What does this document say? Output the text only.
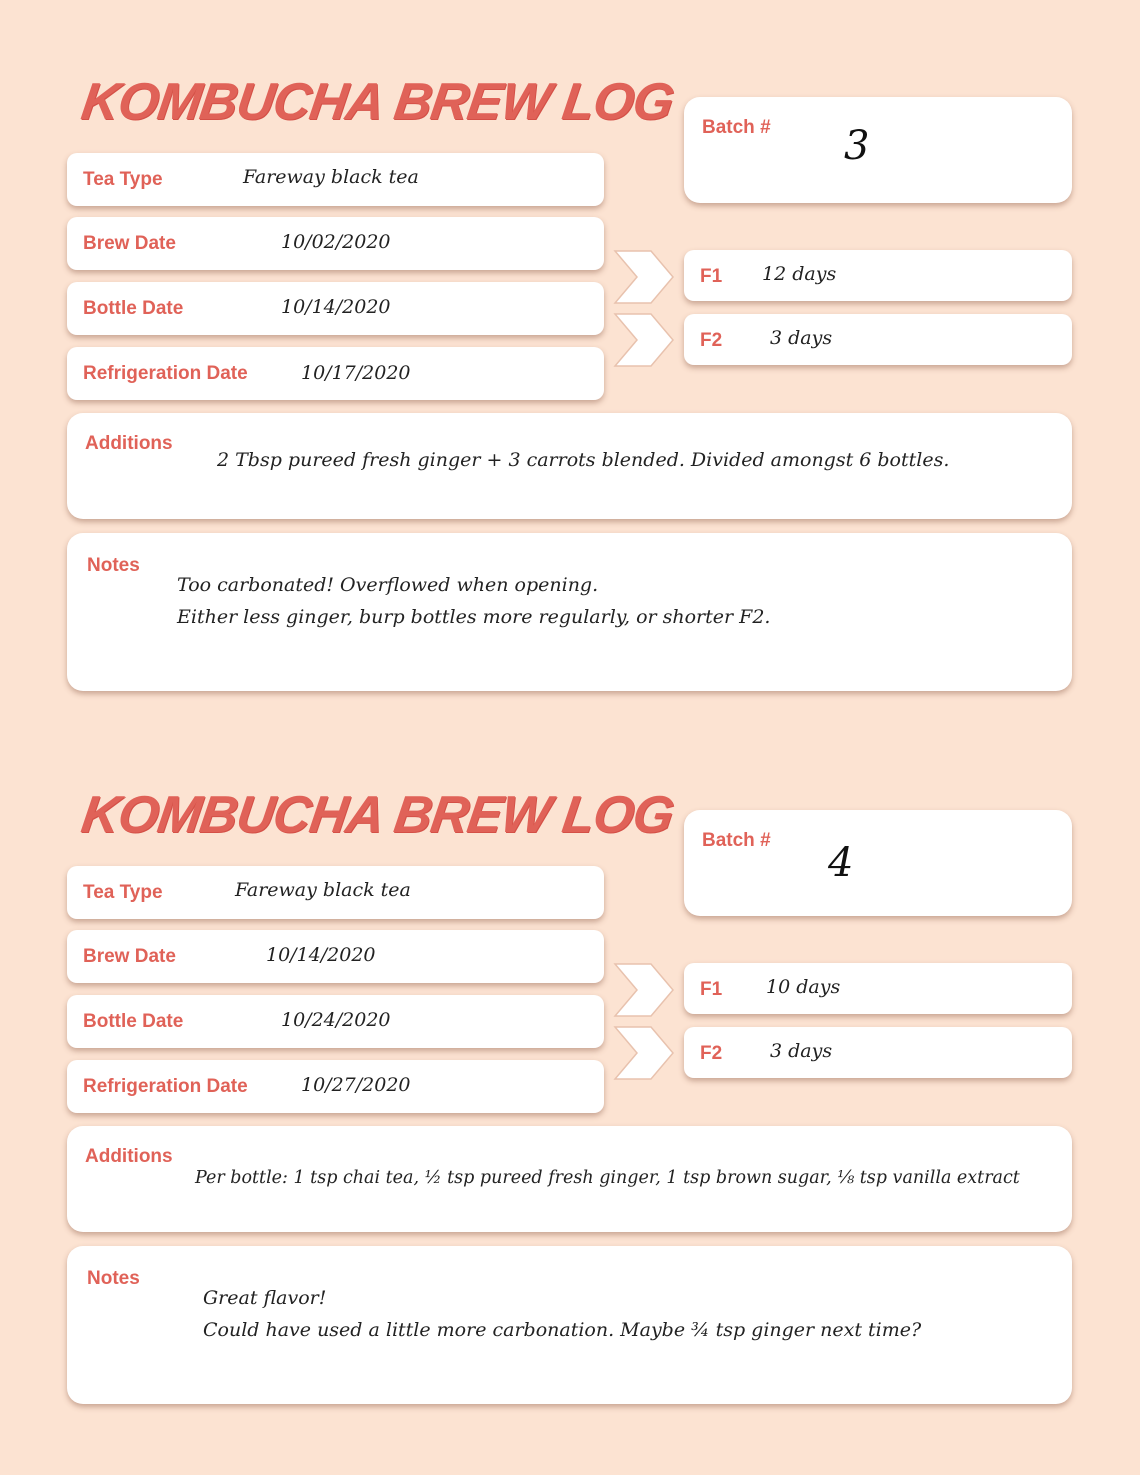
KOMBUCHA BREW LOG Batch # 3
Tea Type	Fareway black tea
Brew Date	10/02/2020
Bottle Date	10/14/2020
Refrigeration Date	10/17/2020
F1 12 days
F2	3 days
Additions
2 Tbsp pureed fresh ginger + 3 carrots blended. Divided amongst 6 bottles.
Notes
Too carbonated! Overflowed when opening.
Either less ginger, burp bottles more regularly, or shorter F2.
KOMBUCHA BREW LOG Batch # 4
Tea Type	Fareway black tea
Brew Date	10/14/2020
Bottle Date	10/24/2020
Refrigeration Date	10/27/2020
F1 10 days
F2	3 days
Additions
Per bottle: 1 tsp chai tea, ½ tsp pureed fresh ginger, 1 tsp brown sugar, ⅛ tsp vanilla extract
Notes
Great flavor!
Could have used a little more carbonation. Maybe ¾ tsp ginger next time?
